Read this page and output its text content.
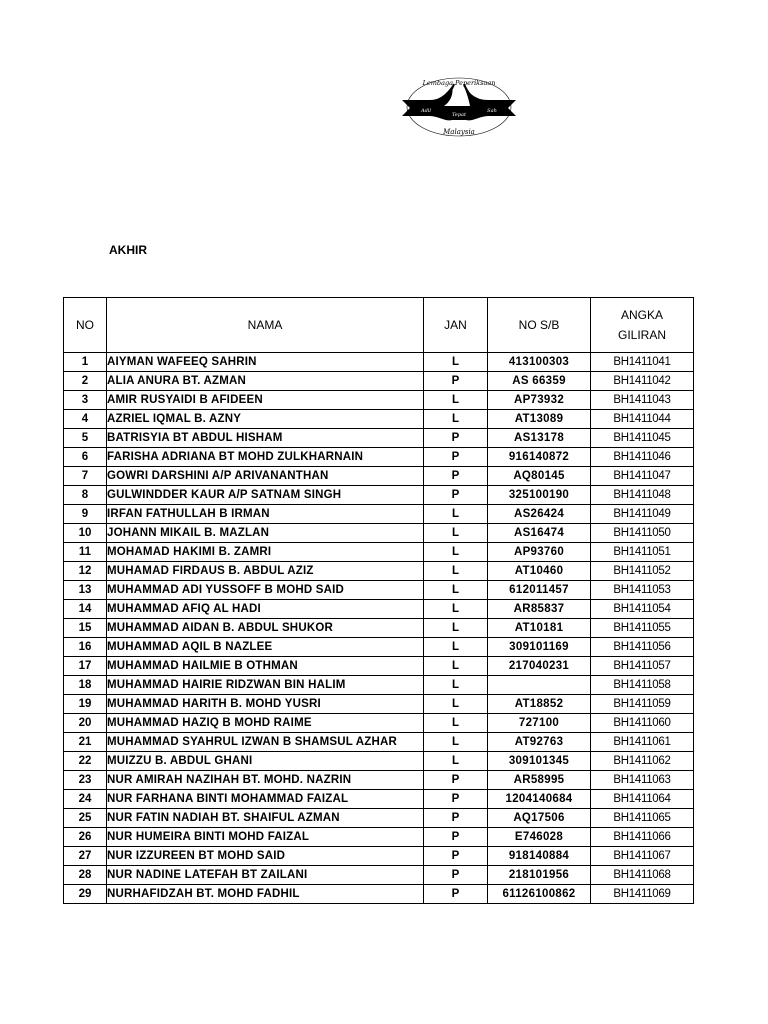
Lembaga Peperiksaan
Adil
Tepat
Sah
Malaysia
AKHIR
NO	NAMA	JAN	NO S/B	ANGKA
GILIRAN

1	AIYMAN WAFEEQ SAHRIN	L	413100303	BH1411041
2	ALIA ANURA BT. AZMAN	P	AS 66359	BH1411042
3	AMIR RUSYAIDI B AFIDEEN	L	AP73932	BH1411043
4	AZRIEL IQMAL B. AZNY	L	AT13089	BH1411044
5	BATRISYIA BT ABDUL HISHAM	P	AS13178	BH1411045
6	FARISHA ADRIANA BT MOHD ZULKHARNAIN	P	916140872	BH1411046
7	GOWRI DARSHINI A/P ARIVANANTHAN	P	AQ80145	BH1411047
8	GULWINDDER KAUR A/P SATNAM SINGH	P	325100190	BH1411048
9	IRFAN FATHULLAH B IRMAN	L	AS26424	BH1411049
10	JOHANN MIKAIL B. MAZLAN	L	AS16474	BH1411050
11	MOHAMAD HAKIMI B. ZAMRI	L	AP93760	BH1411051
12	MUHAMAD FIRDAUS B. ABDUL AZIZ	L	AT10460	BH1411052
13	MUHAMMAD ADI YUSSOFF B MOHD SAID	L	612011457	BH1411053
14	MUHAMMAD AFIQ AL HADI	L	AR85837	BH1411054
15	MUHAMMAD AIDAN B. ABDUL SHUKOR	L	AT10181	BH1411055
16	MUHAMMAD AQIL B NAZLEE	L	309101169	BH1411056
17	MUHAMMAD HAILMIE B OTHMAN	L	217040231	BH1411057
18	MUHAMMAD HAIRIE RIDZWAN BIN HALIM	L		BH1411058
19	MUHAMMAD HARITH B. MOHD YUSRI	L	AT18852	BH1411059
20	MUHAMMAD HAZIQ B MOHD RAIME	L	727100	BH1411060
21	MUHAMMAD SYAHRUL IZWAN B SHAMSUL AZHAR	L	AT92763	BH1411061
22	MUIZZU B. ABDUL GHANI	L	309101345	BH1411062
23	NUR AMIRAH NAZIHAH BT. MOHD. NAZRIN	P	AR58995	BH1411063
24	NUR FARHANA BINTI MOHAMMAD FAIZAL	P	1204140684	BH1411064
25	NUR FATIN NADIAH BT. SHAIFUL AZMAN	P	AQ17506	BH1411065
26	NUR HUMEIRA BINTI MOHD FAIZAL	P	E746028	BH1411066
27	NUR IZZUREEN BT MOHD SAID	P	918140884	BH1411067
28	NUR NADINE LATEFAH BT ZAILANI	P	218101956	BH1411068
29	NURHAFIDZAH BT. MOHD FADHIL	P	61126100862	BH1411069
